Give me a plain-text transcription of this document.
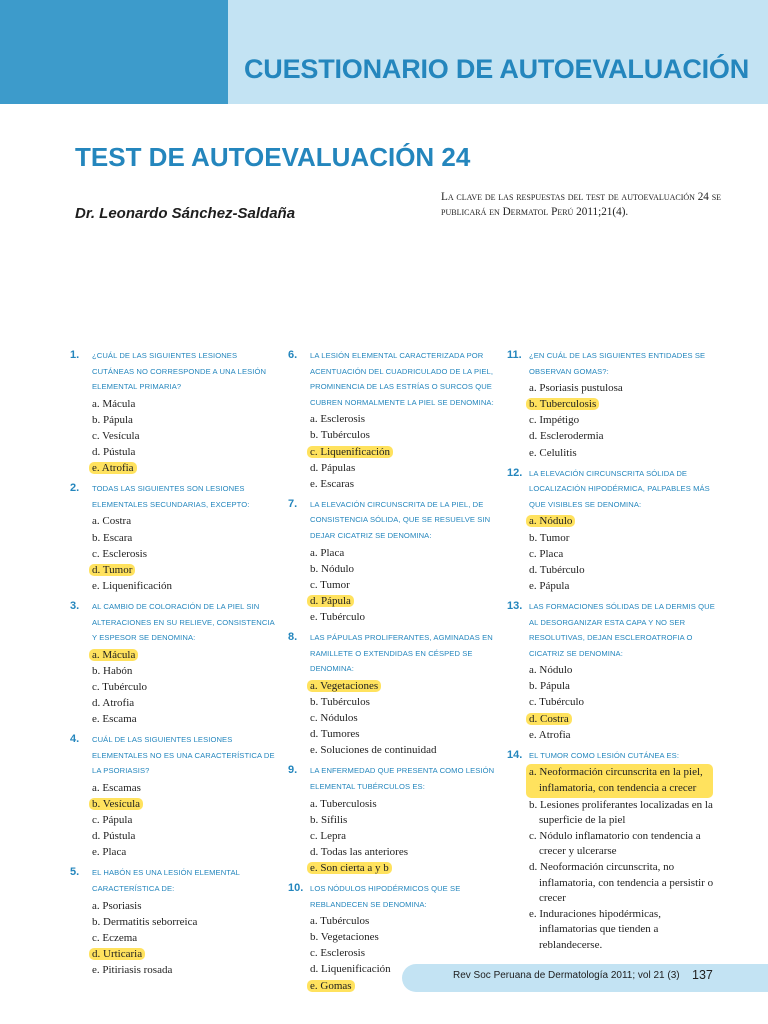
CUESTIONARIO DE AUTOEVALUACIÓN
TEST DE AUTOEVALUACIÓN 24
Dr. Leonardo Sánchez-Saldaña
La clave de las respuestas del test de autoevaluación 24 se publicará en Dermatol Perú 2011;21(4).
1.	¿CUÁL DE LAS SIGUIENTES LESIONES CUTÁNEAS NO CORRESPONDE A UNA LESIÓN ELEMENTAL PRIMARIA?
a. Mácula
b. Pápula
c. Vesícula
d. Pústula
e. Atrofia
2.	TODAS LAS SIGUIENTES SON LESIONES ELEMENTALES SECUNDARIAS, EXCEPTO:
a. Costra
b. Escara
c. Esclerosis
d. Tumor
e. Liquenificación
3.	AL CAMBIO DE COLORACIÓN DE LA PIEL SIN ALTERACIONES EN SU RELIEVE, CONSISTENCIA Y ESPESOR SE DENOMINA:
a. Mácula
b. Habón
c. Tubérculo
d. Atrofia
e. Escama
4.	CUÁL DE LAS SIGUIENTES LESIONES ELEMENTALES NO ES UNA CARACTERÍSTICA DE LA PSORIASIS?
a. Escamas
b. Vesícula
c. Pápula
d. Pústula
e. Placa
5.	EL HABÓN ES UNA LESIÓN ELEMENTAL CARACTERÍSTICA DE:
a. Psoriasis
b. Dermatitis seborreica
c. Eczema
d. Urticaria
e. Pitiriasis rosada
6.	LA LESIÓN ELEMENTAL CARACTERIZADA POR ACENTUACIÓN DEL CUADRICULADO DE LA PIEL, PROMINENCIA DE LAS ESTRÍAS O SURCOS QUE CUBREN NORMALMENTE LA PIEL SE DENOMINA:
a. Esclerosis
b. Tubérculos
c. Liquenificación
d. Pápulas
e. Escaras
7.	LA ELEVACIÓN CIRCUNSCRITA DE LA PIEL, DE CONSISTENCIA SÓLIDA, QUE SE RESUELVE SIN DEJAR CICATRIZ SE DENOMINA:
a. Placa
b. Nódulo
c. Tumor
d. Pápula
e. Tubérculo
8.	LAS PÁPULAS PROLIFERANTES, AGMINADAS EN RAMILLETE O EXTENDIDAS EN CÉSPED SE DENOMINA:
a. Vegetaciones
b. Tubérculos
c. Nódulos
d. Tumores
e. Soluciones de continuidad
9.	LA ENFERMEDAD QUE PRESENTA COMO LESIÓN ELEMENTAL TUBÉRCULOS ES:
a. Tuberculosis
b. Sífilis
c. Lepra
d. Todas las anteriores
e. Son cierta a y b
10. LOS NÓDULOS HIPODÉRMICOS QUE SE REBLANDECEN SE DENOMINA:
a. Tubérculos
b. Vegetaciones
c. Esclerosis
d. Liquenificación
e. Gomas
11. ¿EN CUÁL DE LAS SIGUIENTES ENTIDADES SE OBSERVAN GOMAS?:
a. Psoriasis pustulosa
b. Tuberculosis
c. Impétigo
d. Esclerodermia
e. Celulitis
12. LA ELEVACIÓN CIRCUNSCRITA SÓLIDA DE LOCALIZACIÓN HIPODÉRMICA, PALPABLES MÁS QUE VISIBLES SE DENOMINA:
a. Nódulo
b. Tumor
c. Placa
d. Tubérculo
e. Pápula
13. LAS FORMACIONES SÓLIDAS DE LA DERMIS QUE AL DESORGANIZAR ESTA CAPA Y NO SER RESOLUTIVAS, DEJAN ESCLEROATROFIA O CICATRIZ SE DENOMINA:
a. Nódulo
b. Pápula
c. Tubérculo
d. Costra
e. Atrofia
14. EL TUMOR COMO LESIÓN CUTÁNEA ES:
a. Neoformación circunscrita en la piel, inflamatoria, con tendencia a crecer
b. Lesiones proliferantes localizadas en la superficie de la piel
c. Nódulo inflamatorio con tendencia a crecer y ulcerarse
d. Neoformación circunscrita, no inflamatoria, con tendencia a persistir o crecer
e. Induraciones hipodérmicas, inflamatorias que tienden a reblandecerse.
Rev Soc Peruana de Dermatología 2011; vol 21 (3) 137
